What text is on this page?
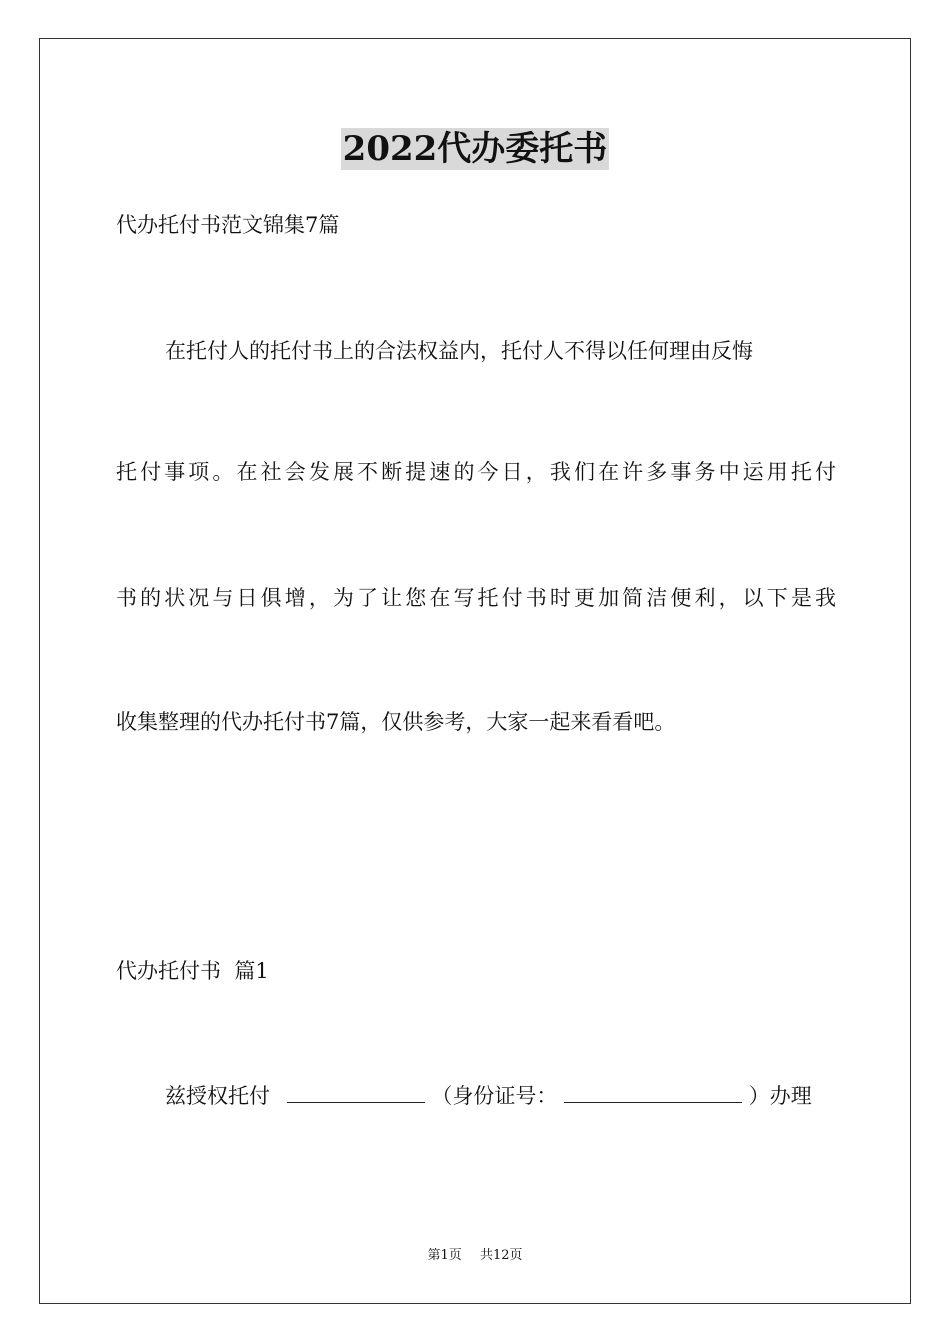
2022代办委托书
代办托付书范文锦集7篇
在托付人的托付书上的合法权益内，托付人不得以任何理由反悔
托付事项。在社会发展不断提速的今日，我们在许多事务中运用托付
书的状况与日俱增，为了让您在写托付书时更加简洁便利，以下是我
收集整理的代办托付书7篇，仅供参考，大家一起来看看吧。
代办托付书  篇1
兹授权托付	（身份证号：	）办理
第1页 共12页
